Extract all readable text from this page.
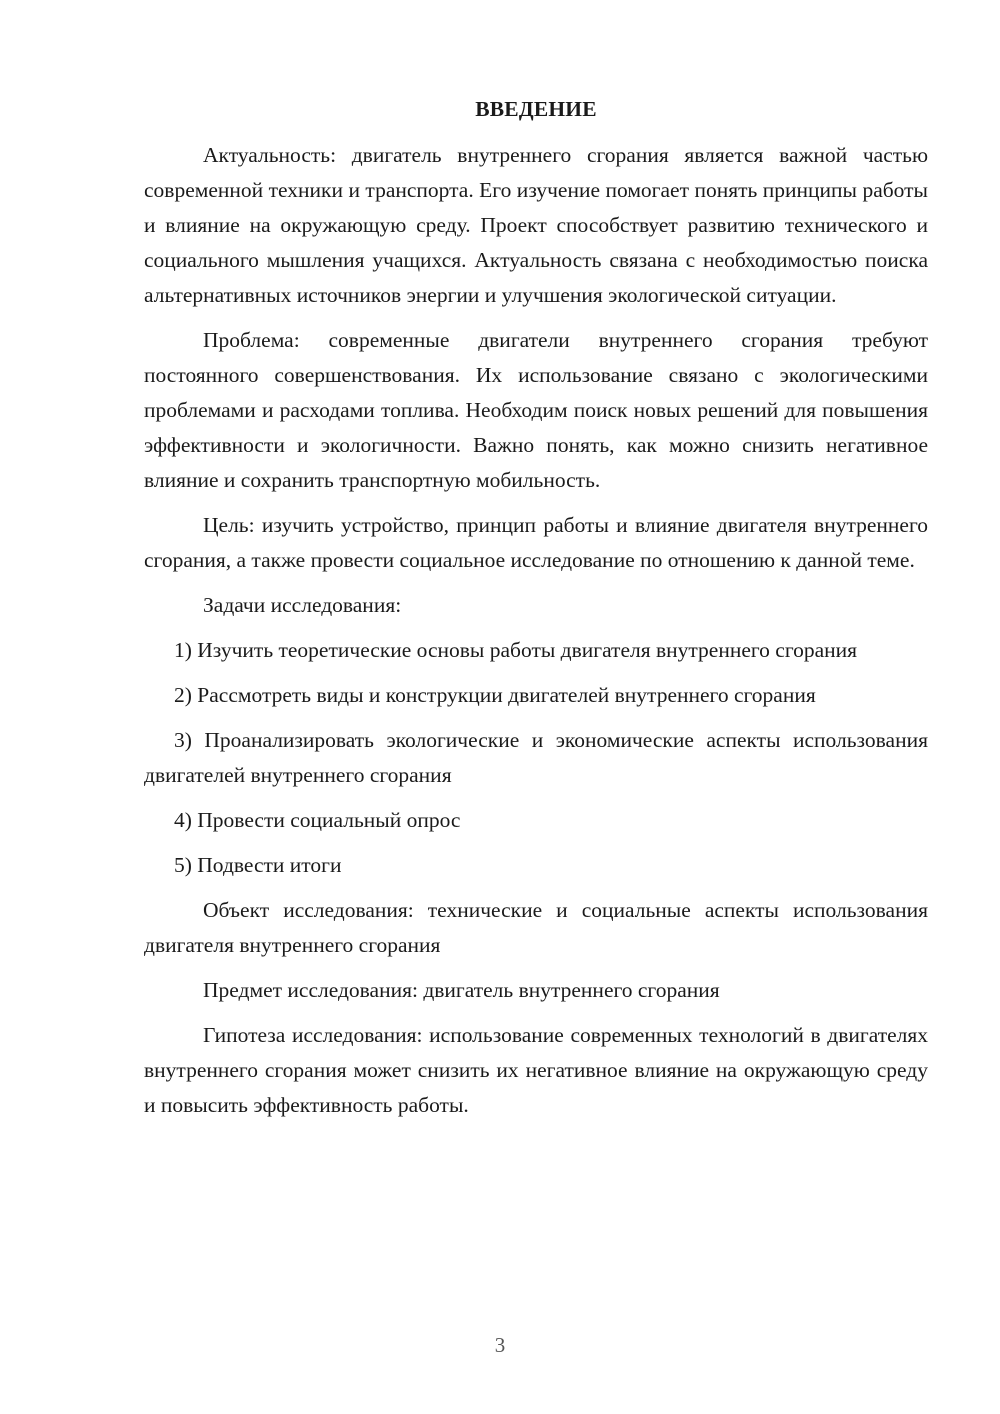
ВВЕДЕНИЕ

Актуальность: двигатель внутреннего сгорания является важной частью современной техники и транспорта. Его изучение помогает понять принципы работы и влияние на окружающую среду. Проект способствует развитию технического и социального мышления учащихся. Актуальность связана с необходимостью поиска альтернативных источников энергии и улучшения экологической ситуации.

Проблема: современные двигатели внутреннего сгорания требуют постоянного совершенствования. Их использование связано с экологическими проблемами и расходами топлива. Необходим поиск новых решений для повышения эффективности и экологичности. Важно понять, как можно снизить негативное влияние и сохранить транспортную мобильность.

Цель: изучить устройство, принцип работы и влияние двигателя внутреннего сгорания, а также провести социальное исследование по отношению к данной теме.

Задачи исследования:

1) Изучить теоретические основы работы двигателя внутреннего сгорания

2) Рассмотреть виды и конструкции двигателей внутреннего сгорания

3) Проанализировать экологические и экономические аспекты использования двигателей внутреннего сгорания

4) Провести социальный опрос

5) Подвести итоги

Объект исследования: технические и социальные аспекты использования двигателя внутреннего сгорания

Предмет исследования: двигатель внутреннего сгорания

Гипотеза исследования: использование современных технологий в двигателях внутреннего сгорания может снизить их негативное влияние на окружающую среду и повысить эффективность работы.

3
